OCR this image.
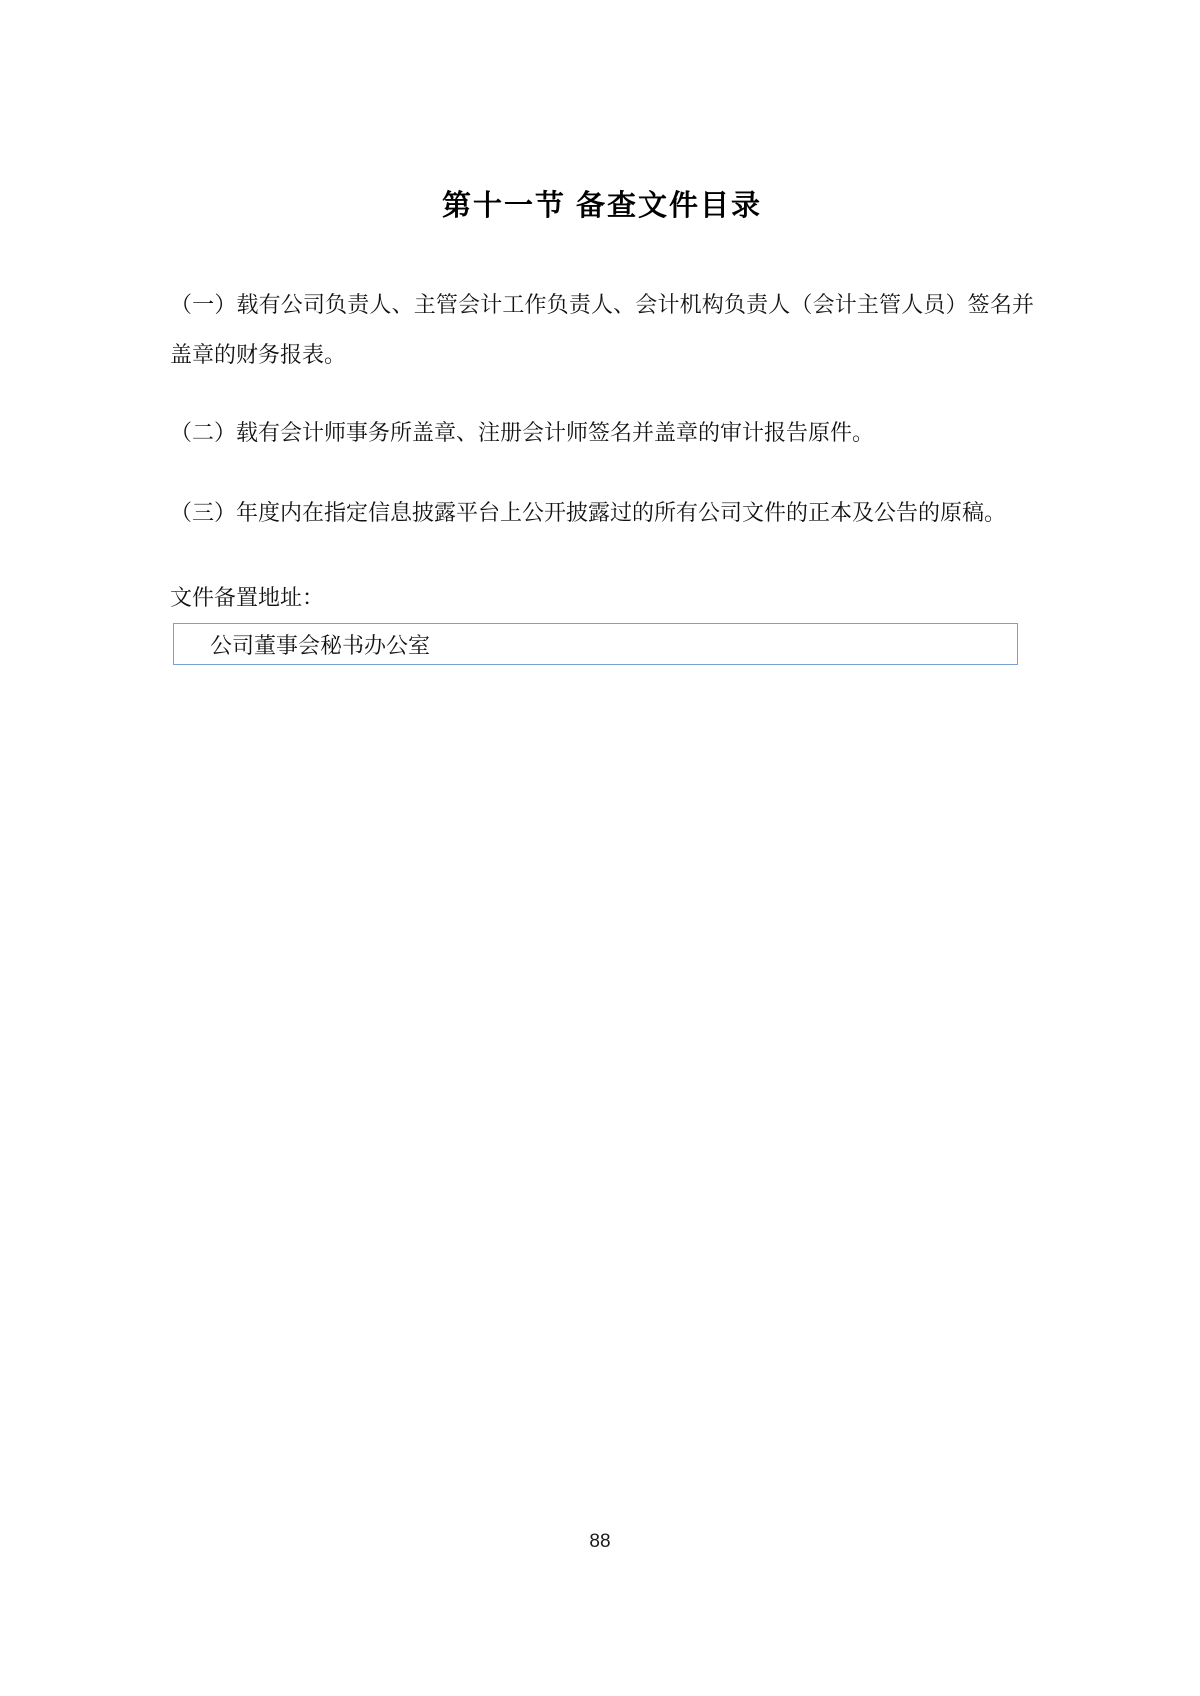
第十一节 备查文件目录

（一）载有公司负责人、主管会计工作负责人、会计机构负责人（会计主管人员）签名并盖章的财务报表。

（二）载有会计师事务所盖章、注册会计师签名并盖章的审计报告原件。

（三）年度内在指定信息披露平台上公开披露过的所有公司文件的正本及公告的原稿。

文件备置地址：

公司董事会秘书办公室
88
